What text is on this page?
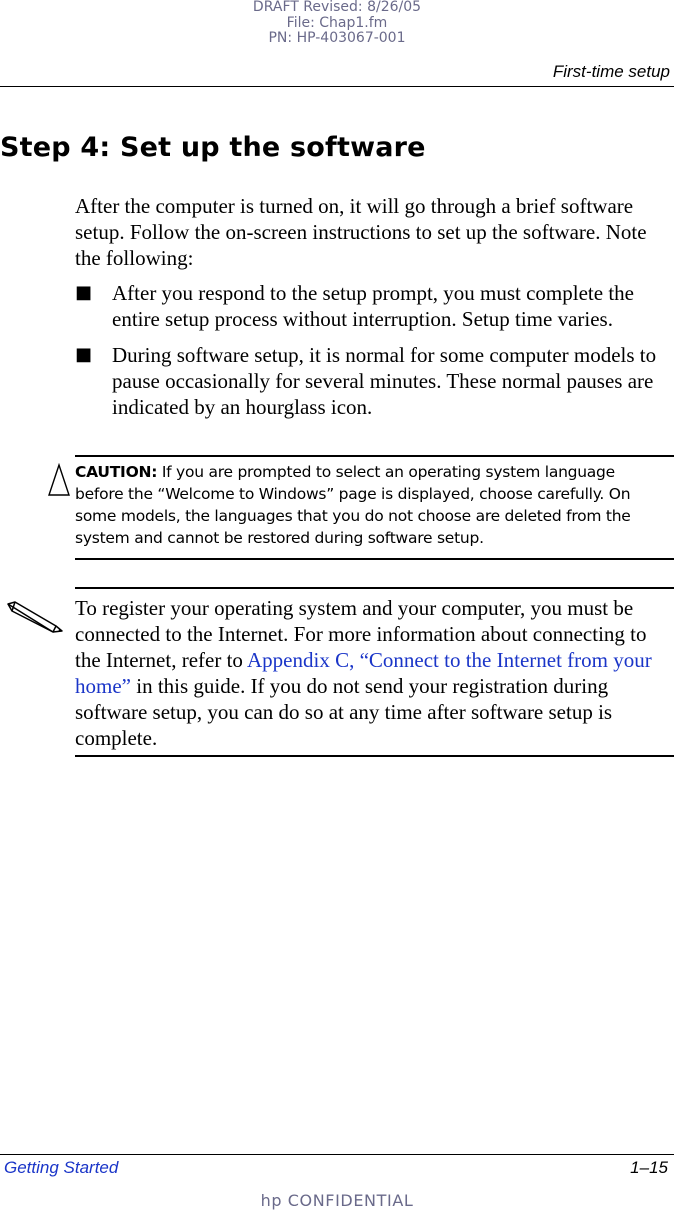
DRAFT Revised: 8/26/05
File: Chap1.fm
PN: HP-403067-001
First-time setup
Step 4: Set up the software

After the computer is turned on, it will go through a brief software setup. Follow the on-screen instructions to set up the software. Note the following:

■ After you respond to the setup prompt, you must complete the entire setup process without interruption. Setup time varies.
■ During software setup, it is normal for some computer models to pause occasionally for several minutes. These normal pauses are indicated by an hourglass icon.

CAUTION: If you are prompted to select an operating system language before the “Welcome to Windows” page is displayed, choose carefully. On some models, the languages that you do not choose are deleted from the system and cannot be restored during software setup.

To register your operating system and your computer, you must be connected to the Internet. For more information about connecting to the Internet, refer to Appendix C, “Connect to the Internet from your home” in this guide. If you do not send your registration during software setup, you can do so at any time after software setup is complete.

Getting Started	1–15
hp CONFIDENTIAL
